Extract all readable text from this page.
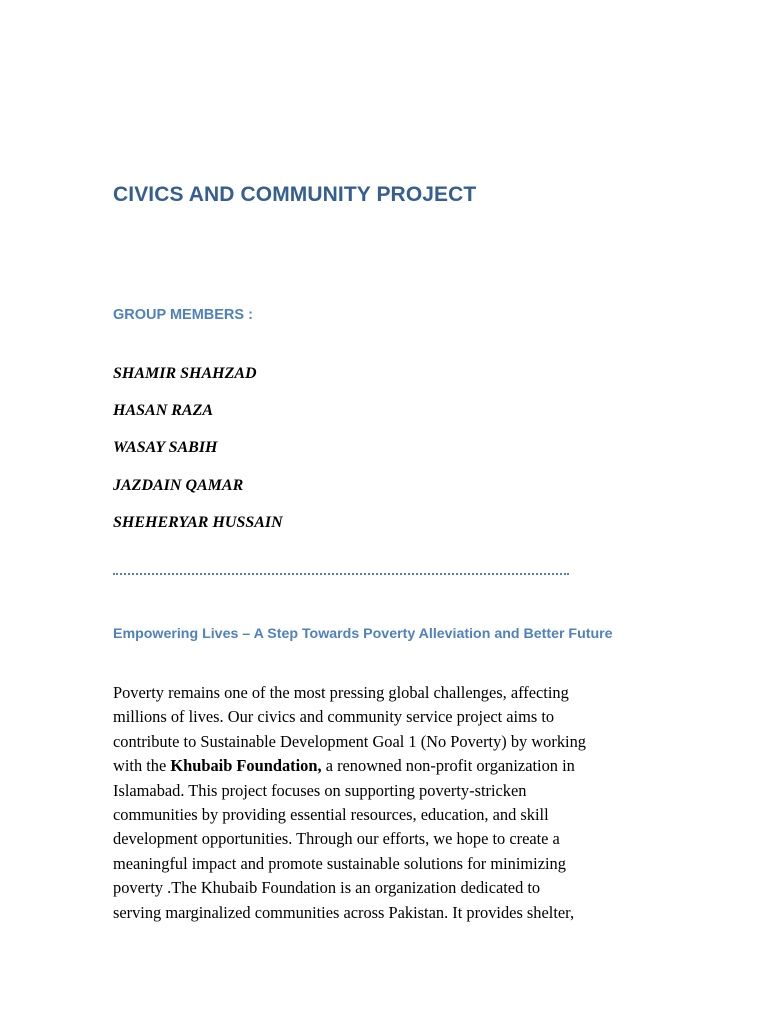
CIVICS AND COMMUNITY PROJECT
GROUP MEMBERS :
SHAMIR SHAHZAD
HASAN RAZA
WASAY SABIH
JAZDAIN QAMAR
SHEHERYAR HUSSAIN
Empowering Lives – A Step Towards Poverty Alleviation and Better Future
Poverty remains one of the most pressing global challenges, affecting
millions of lives. Our civics and community service project aims to
contribute to Sustainable Development Goal 1 (No Poverty) by working
with the Khubaib Foundation, a renowned non-profit organization in
Islamabad. This project focuses on supporting poverty-stricken
communities by providing essential resources, education, and skill
development opportunities. Through our efforts, we hope to create a
meaningful impact and promote sustainable solutions for minimizing
poverty .The Khubaib Foundation is an organization dedicated to
serving marginalized communities across Pakistan. It provides shelter,
